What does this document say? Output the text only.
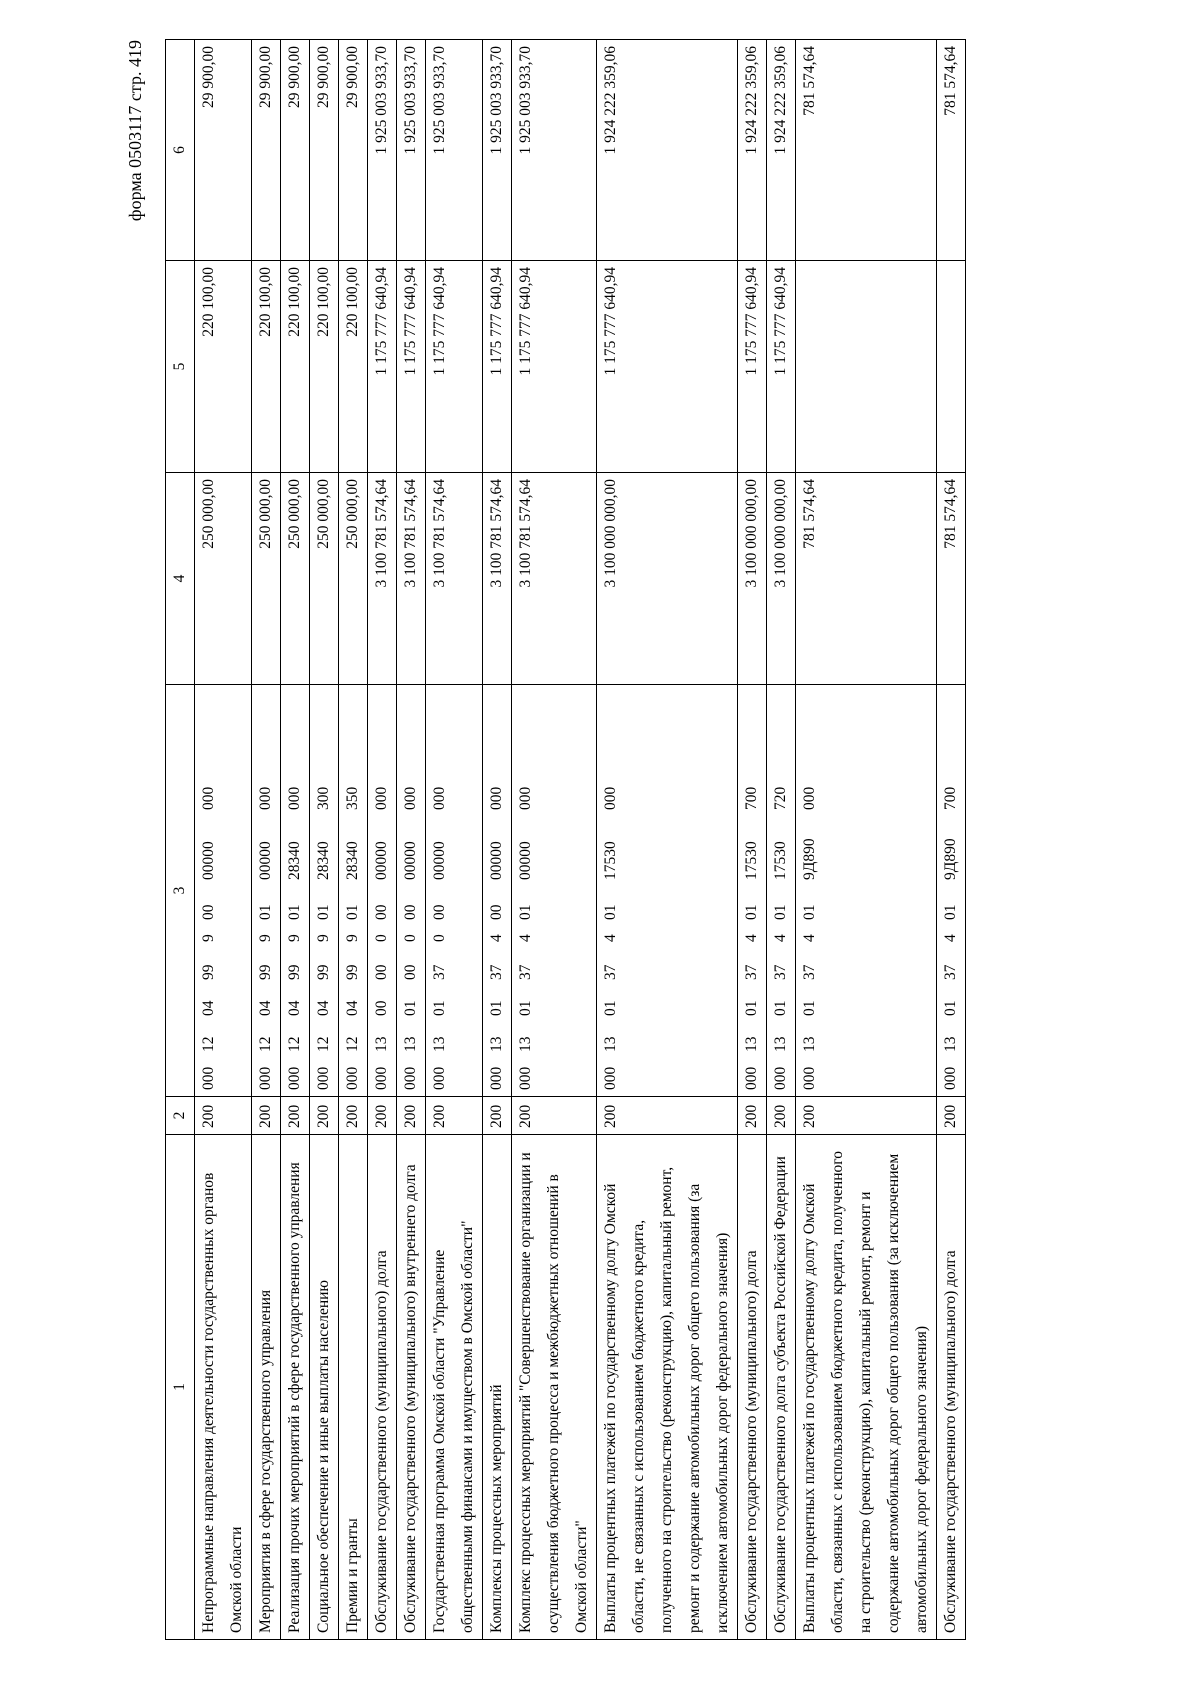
форма 0503117 стр. 419
1	2	3	4	5	6
Непрограммные направления деятельности государственных органов Омской области	200	00012049990000000000	250 000,00	220 100,00	29 900,00
Мероприятия в сфере государственного управления	200	00012049990100000000	250 000,00	220 100,00	29 900,00
Реализация прочих мероприятий в сфере государственного управления	200	00012049990128340000	250 000,00	220 100,00	29 900,00
Социальное обеспечение и иные выплаты населению	200	00012049990128340300	250 000,00	220 100,00	29 900,00
Премии и гранты	200	00012049990128340350	250 000,00	220 100,00	29 900,00
Обслуживание государственного (муниципального) долга	200	00013000000000000000	3 100 781 574,64	1 175 777 640,94	1 925 003 933,70
Обслуживание государственного (муниципального) внутреннего долга	200	00013010000000000000	3 100 781 574,64	1 175 777 640,94	1 925 003 933,70
Государственная программа Омской области "Управление общественными финансами и имуществом в Омской области"	200	00013013700000000000	3 100 781 574,64	1 175 777 640,94	1 925 003 933,70
Комплексы процессных мероприятий	200	00013013740000000000	3 100 781 574,64	1 175 777 640,94	1 925 003 933,70
Комплекс процессных мероприятий "Совершенствование организации и осуществления бюджетного процесса и межбюджетных отношений в Омской области"	200	00013013740100000000	3 100 781 574,64	1 175 777 640,94	1 925 003 933,70
Выплаты процентных платежей по государственному долгу Омской области, не связанных с использованием бюджетного кредита, полученного на строительство (реконструкцию), капитальный ремонт, ремонт и содержание автомобильных дорог общего пользования (за исключением автомобильных дорог федерального значения)	200	00013013740117530000	3 100 000 000,00	1 175 777 640,94	1 924 222 359,06
Обслуживание государственного (муниципального) долга	200	00013013740117530700	3 100 000 000,00	1 175 777 640,94	1 924 222 359,06
Обслуживание государственного долга субъекта Российской Федерации	200	00013013740117530720	3 100 000 000,00	1 175 777 640,94	1 924 222 359,06
Выплаты процентных платежей по государственному долгу Омской области, связанных с использованием бюджетного кредита, полученного на строительство (реконструкцию), капитальный ремонт, ремонт и содержание автомобильных дорог общего пользования (за исключением автомобильных дорог федерального значения)	200	0001301374019Д890000	781 574,64		781 574,64
Обслуживание государственного (муниципального) долга	200	0001301374019Д890700	781 574,64		781 574,64
